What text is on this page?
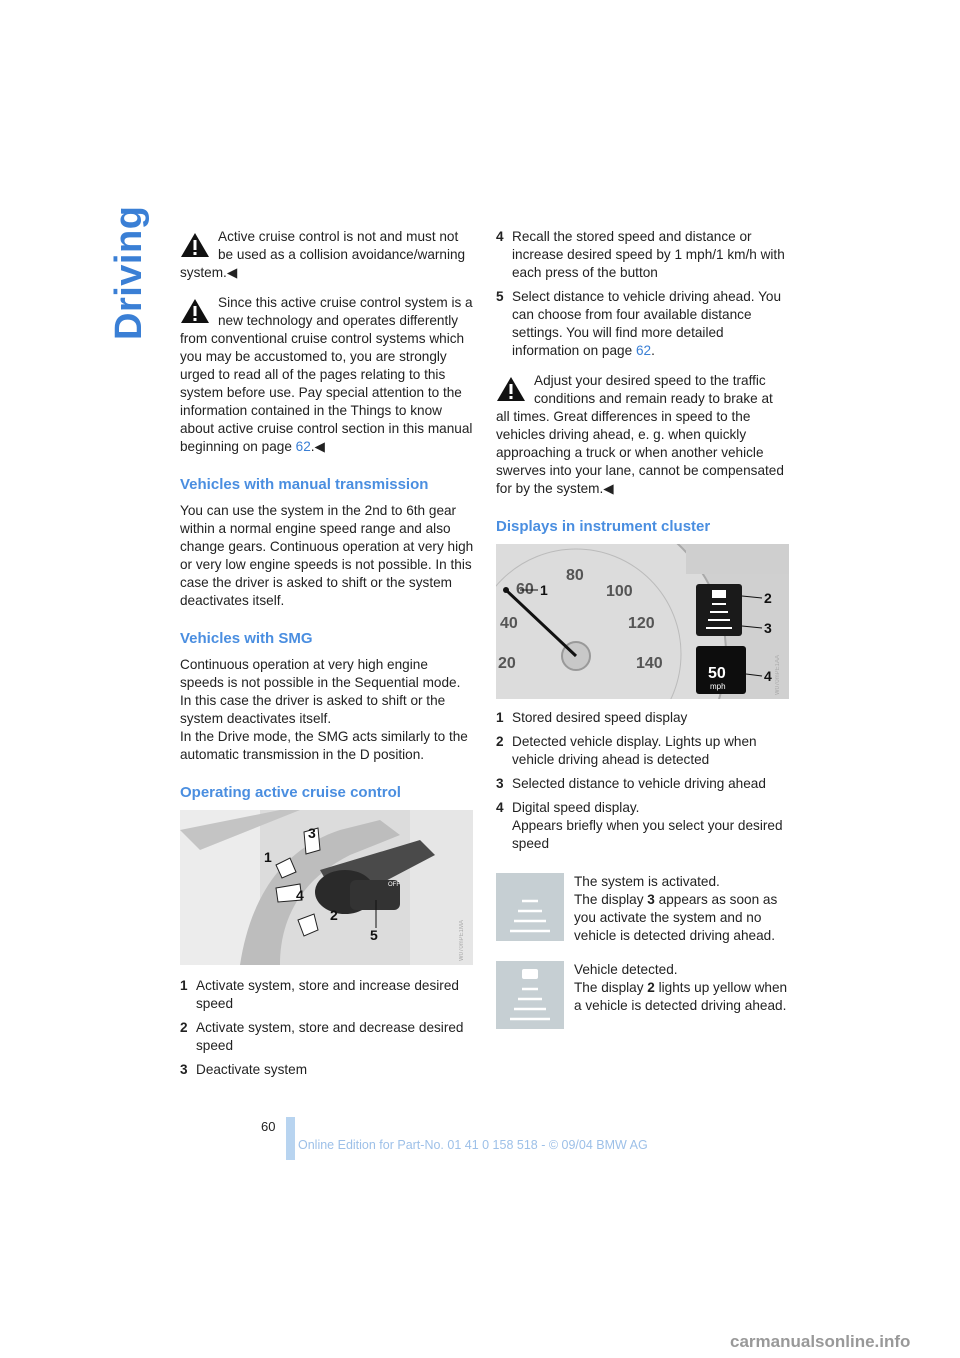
Driving	Active cruise control is not and must not be used as a collision avoidance/warning system.◀

Since this active cruise control system is a new technology and operates differently from conventional cruise control systems which you may be accustomed to, you are strongly urged to read all of the pages relating to this system before use. Pay special attention to the information contained in the Things to know about active cruise control section in this manual beginning on page 62.◀

Vehicles with manual transmission

You can use the system in the 2nd to 6th gear within a normal engine speed range and also change gears. Continuous operation at very high or very low engine speeds is not possible. In this case the driver is asked to shift or the system deactivates itself.

Vehicles with SMG

Continuous operation at very high engine speeds is not possible in the Sequential mode. In this case the driver is asked to shift or the system deactivates itself.

In the Drive mode, the SMG acts similarly to the automatic transmission in the D position.

Operating active cruise control
OFF
1
2
3
4
5	W070mPE1MA
1 Activate system, store and increase desired speed
2 Activate system, store and decrease desired speed
3 Deactivate system
4 Recall the stored speed and distance or increase desired speed by 1 mph/1 km/h with each press of the button
5 Select distance to vehicle driving ahead. You can choose from four available distance settings. You will find more detailed information on page 62.

Adjust your desired speed to the traffic conditions and remain ready to brake at all times. Great differences in speed to the vehicles driving ahead, e. g. when quickly approaching a truck or when another vehicle swerves into your lane, cannot be compensated for by the system.◀

Displays in instrument cluster
20
40
60
80
100
120
140
50
mph
1	2
3
4 W070mPE1AA
1 Stored desired speed display
2 Detected vehicle display. Lights up when vehicle driving ahead is detected
3 Selected distance to vehicle driving ahead
4 Digital speed display.
Appears briefly when you select your desired speed

The system is activated.

The display 3 appears as soon as you activate the system and no vehicle is detected driving ahead.

Vehicle detected.

The display 2 lights up yellow when a vehicle is detected driving ahead.

60
Online Edition for Part-No. 01 41 0 158 518 - © 09/04 BMW AG
carmanualsonline.info
